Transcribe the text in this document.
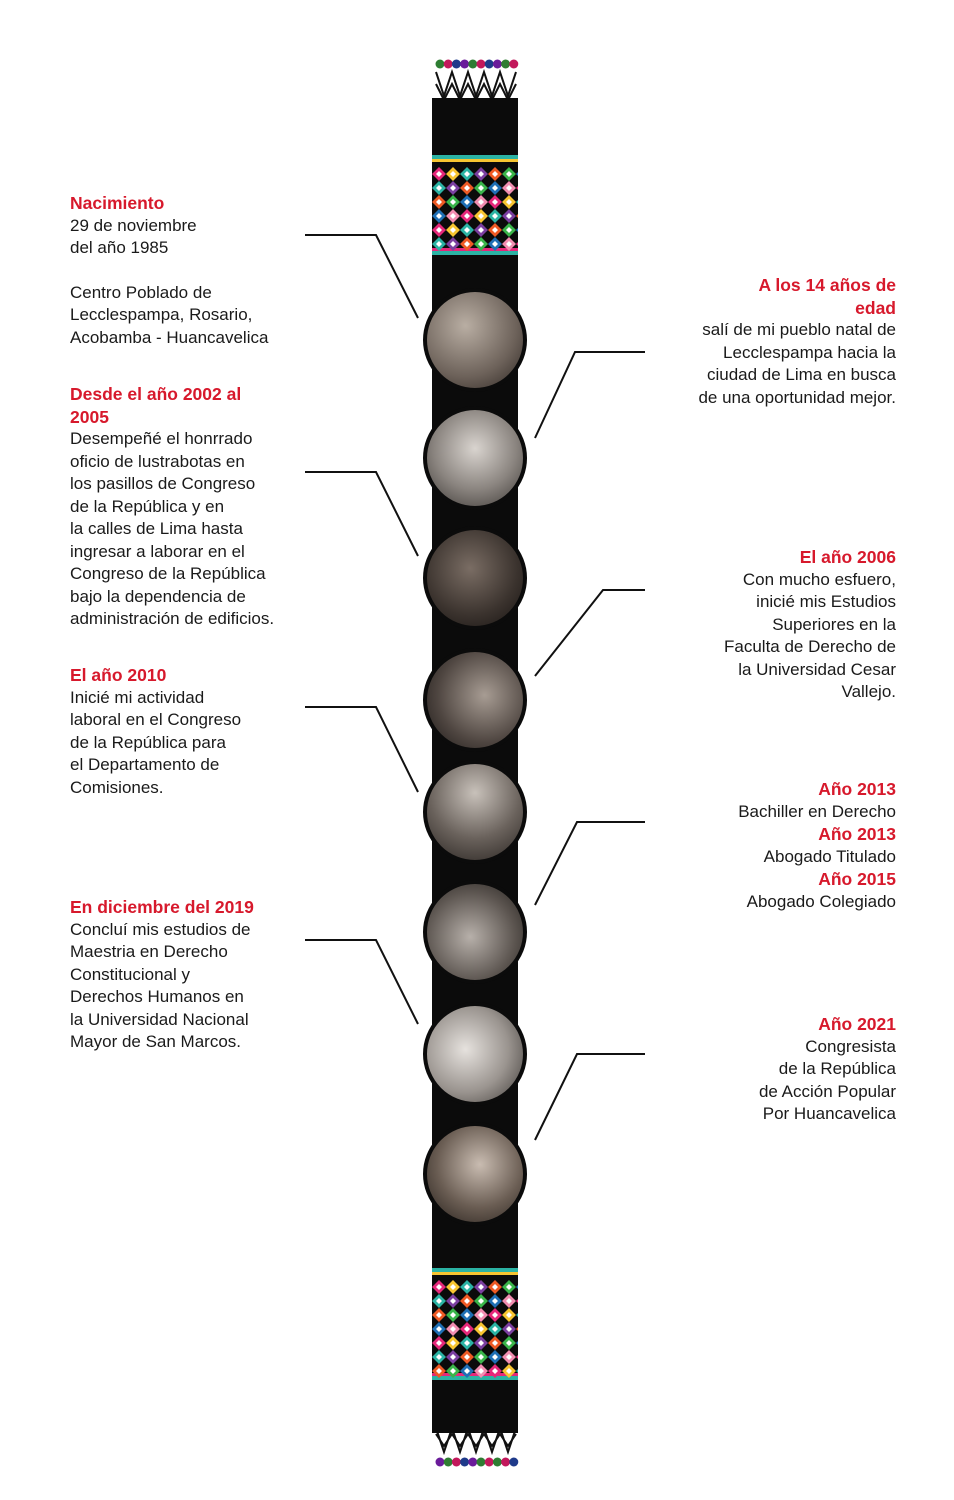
Nacimiento
29 de noviembre
del año 1985
Centro Poblado de
Lecclespampa, Rosario,
Acobamba - Huancavelica
Desde el año 2002 al
2005
Desempeñé el honrrado
oficio de lustrabotas en
los pasillos de Congreso
de la República y en
la calles de Lima hasta
ingresar a laborar en el
Congreso de la República
bajo la dependencia de
administración de edificios.
El año 2010
Inicié mi actividad
laboral en el Congreso
de la República para
el Departamento de
Comisiones.
En diciembre del 2019
Concluí mis estudios de
Maestria en Derecho
Constitucional y
Derechos Humanos en
la Universidad Nacional
Mayor de San Marcos.
A los 14 años de
edad
salí de mi pueblo natal de
Lecclespampa hacia la
ciudad de Lima en busca
de una oportunidad mejor.
El año 2006
Con mucho esfuero,
inicié mis Estudios
Superiores en la
Faculta de Derecho de
la Universidad Cesar
Vallejo.
Año 2013
Bachiller en Derecho
Año 2013
Abogado Titulado
Año 2015
Abogado Colegiado
Año 2021
Congresista
de la República
de Acción Popular
Por Huancavelica
